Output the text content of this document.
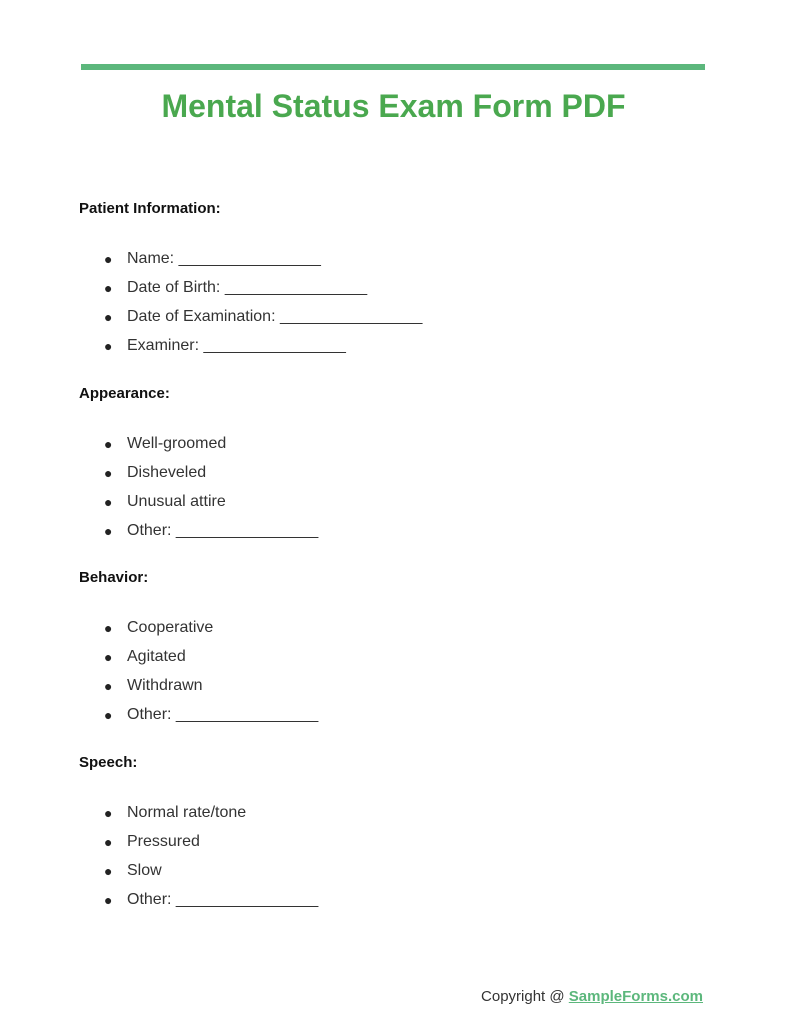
Mental Status Exam Form PDF
Patient Information:
● Name: ________________
● Date of Birth: ________________
● Date of Examination: ________________
● Examiner: ________________
Appearance:
● Well-groomed
● Disheveled
● Unusual attire
● Other: ________________
Behavior:
● Cooperative
● Agitated
● Withdrawn
● Other: ________________
Speech:
● Normal rate/tone
● Pressured
● Slow
● Other: ________________
Copyright @ SampleForms.com
